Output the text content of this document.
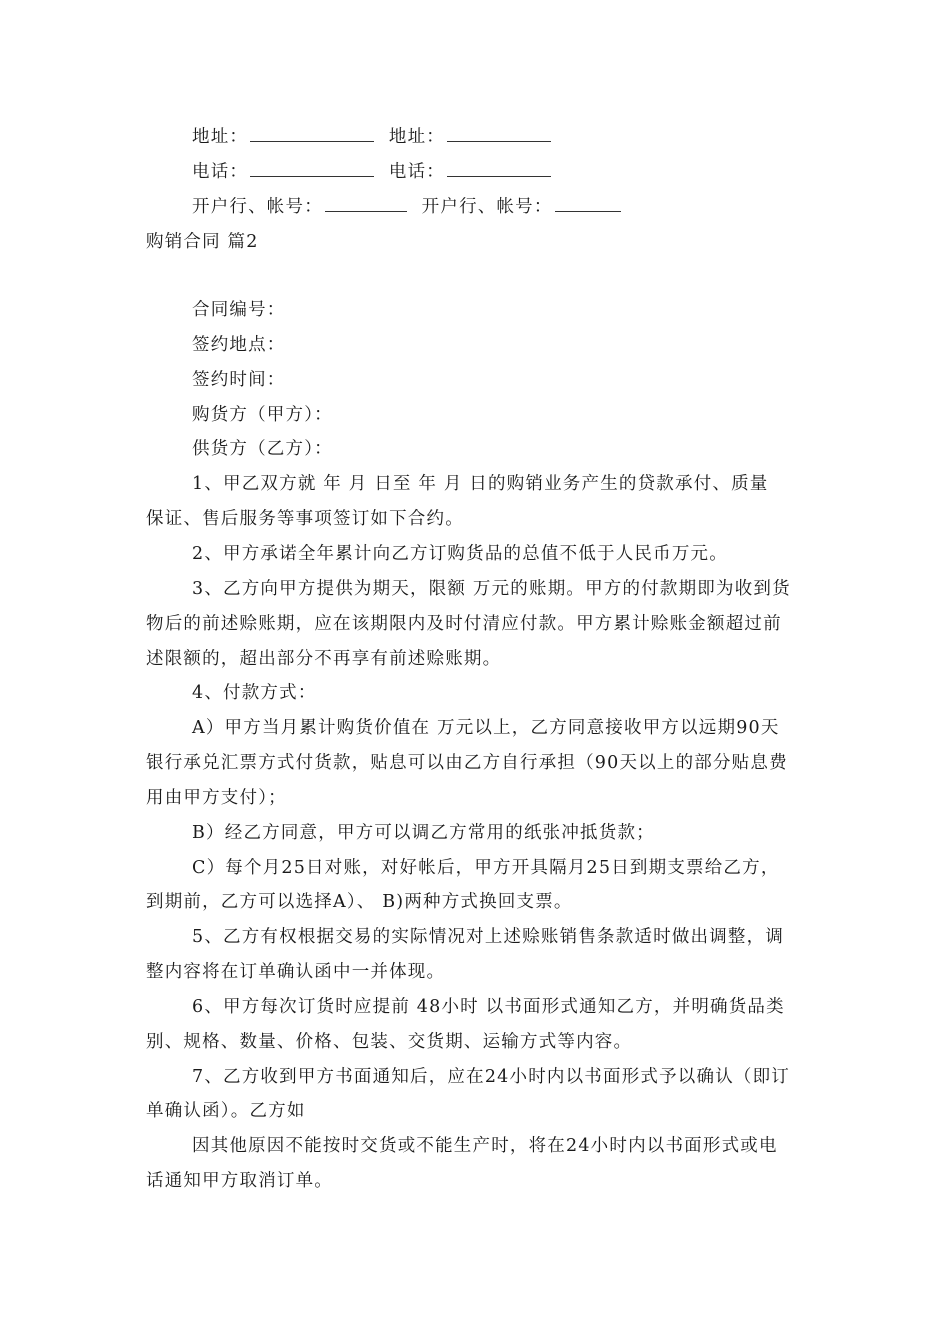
地址：	地址：
电话：	电话：
开户行、帐号：	开户行、帐号：
购销合同 篇2
合同编号：
签约地点：
签约时间：
购货方（甲方）：
供货方（乙方）：
1、甲乙双方就 年 月 日至 年 月 日的购销业务产生的贷款承付、质量
保证、售后服务等事项签订如下合约。
2、甲方承诺全年累计向乙方订购货品的总值不低于人民币万元。
3、乙方向甲方提供为期天，限额 万元的账期。甲方的付款期即为收到货
物后的前述赊账期，应在该期限内及时付清应付款。甲方累计赊账金额超过前
述限额的，超出部分不再享有前述赊账期。
4、付款方式：
A）甲方当月累计购货价值在 万元以上，乙方同意接收甲方以远期90天
银行承兑汇票方式付货款，贴息可以由乙方自行承担（90天以上的部分贴息费
用由甲方支付）；
B）经乙方同意，甲方可以调乙方常用的纸张冲抵货款；
C）每个月25日对账，对好帐后，甲方开具隔月25日到期支票给乙方，
到期前，乙方可以选择A）、 B)两种方式换回支票。
5、乙方有权根据交易的实际情况对上述赊账销售条款适时做出调整，调
整内容将在订单确认函中一并体现。
6、甲方每次订货时应提前 48小时 以书面形式通知乙方，并明确货品类
别、规格、数量、价格、包装、交货期、运输方式等内容。
7、乙方收到甲方书面通知后，应在24小时内以书面形式予以确认（即订
单确认函）。乙方如
因其他原因不能按时交货或不能生产时，将在24小时内以书面形式或电
话通知甲方取消订单。
